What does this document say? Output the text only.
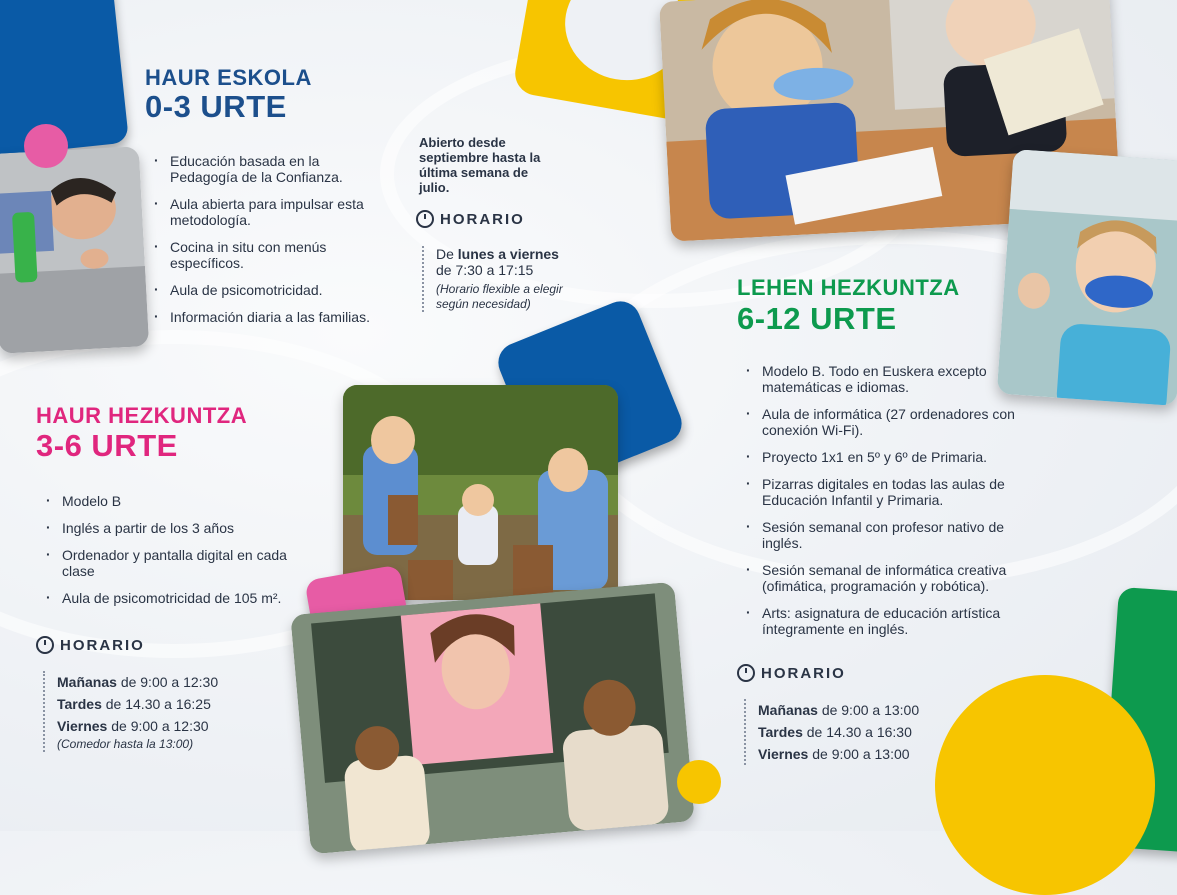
HAUR ESKOLA
0-3 URTE
· Educación basada en la Pedagogía de la Confianza.
· Aula abierta para impulsar esta metodología.
· Cocina in situ con menús específicos.
· Aula de psicomotricidad.
· Información diaria a las familias.
Abierto desde septiembre hasta la última semana de julio.
HORARIO
De lunes a viernes
de 7:30 a 17:15
(Horario flexible a elegir según necesidad)
HAUR HEZKUNTZA
3-6 URTE
· Modelo B
· Inglés a partir de los 3 años
· Ordenador y pantalla digital en cada clase
· Aula de psicomotricidad de 105 m².
HORARIO
Mañanas de 9:00 a 12:30
Tardes de 14.30 a 16:25
Viernes de 9:00 a 12:30
(Comedor hasta la 13:00)
LEHEN HEZKUNTZA
6-12 URTE
· Modelo B. Todo en Euskera excepto matemáticas e idiomas.
· Aula de informática (27 ordenadores con conexión Wi-Fi).
· Proyecto 1x1 en 5º y 6º de Primaria.
· Pizarras digitales en todas las aulas de Educación Infantil y Primaria.
· Sesión semanal con profesor nativo de inglés.
· Sesión semanal de informática creativa (ofimática, programación y robótica).
· Arts: asignatura de educación artística íntegramente en inglés.
HORARIO
Mañanas de 9:00 a 13:00
Tardes de 14.30 a 16:30
Viernes de 9:00 a 13:00
